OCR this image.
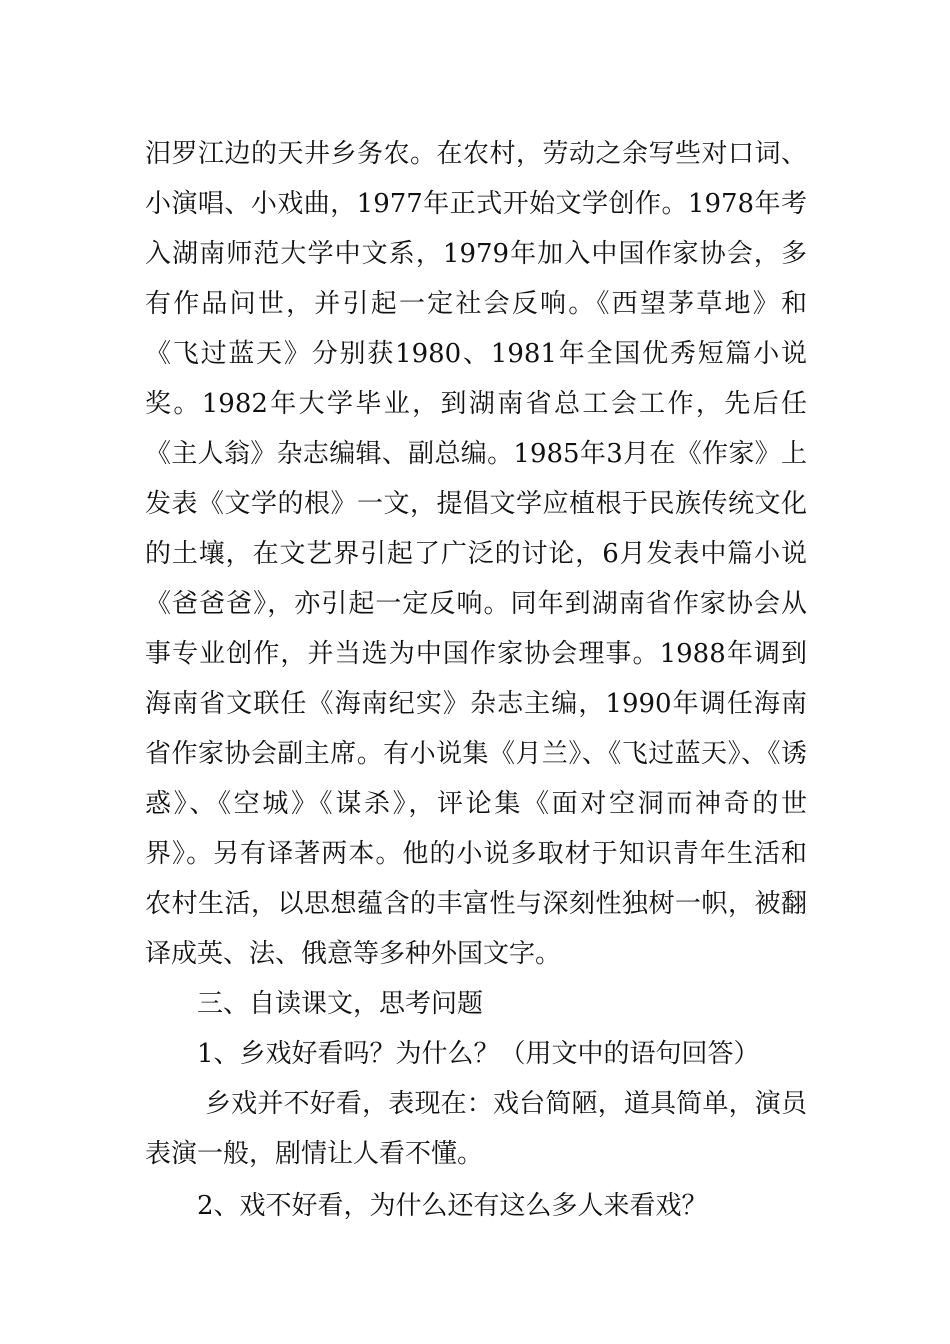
汨罗江边的天井乡务农。在农村，劳动之余写些对口词、小演唱、小戏曲，1977年正式开始文学创作。1978年考入湖南师范大学中文系，1979年加入中国作家协会，多有作品问世，并引起一定社会反响。《西望茅草地》和《飞过蓝天》分别获1980、1981年全国优秀短篇小说奖。1982年大学毕业，到湖南省总工会工作，先后任《主人翁》杂志编辑、副总编。1985年3月在《作家》上发表《文学的根》一文，提倡文学应植根于民族传统文化的土壤，在文艺界引起了广泛的讨论，6月发表中篇小说《爸爸爸》，亦引起一定反响。同年到湖南省作家协会从事专业创作，并当选为中国作家协会理事。1988年调到海南省文联任《海南纪实》杂志主编，1990年调任海南省作家协会副主席。有小说集《月兰》、《飞过蓝天》、《诱惑》、《空城》《谋杀》，评论集《面对空洞而神奇的世界》。另有译著两本。他的小说多取材于知识青年生活和农村生活，以思想蕴含的丰富性与深刻性独树一帜，被翻译成英、法、俄意等多种外国文字。

三、自读课文，思考问题

1、乡戏好看吗？为什么？（用文中的语句回答）

乡戏并不好看，表现在：戏台简陋，道具简单，演员表演一般，剧情让人看不懂。

2、戏不好看，为什么还有这么多人来看戏？
